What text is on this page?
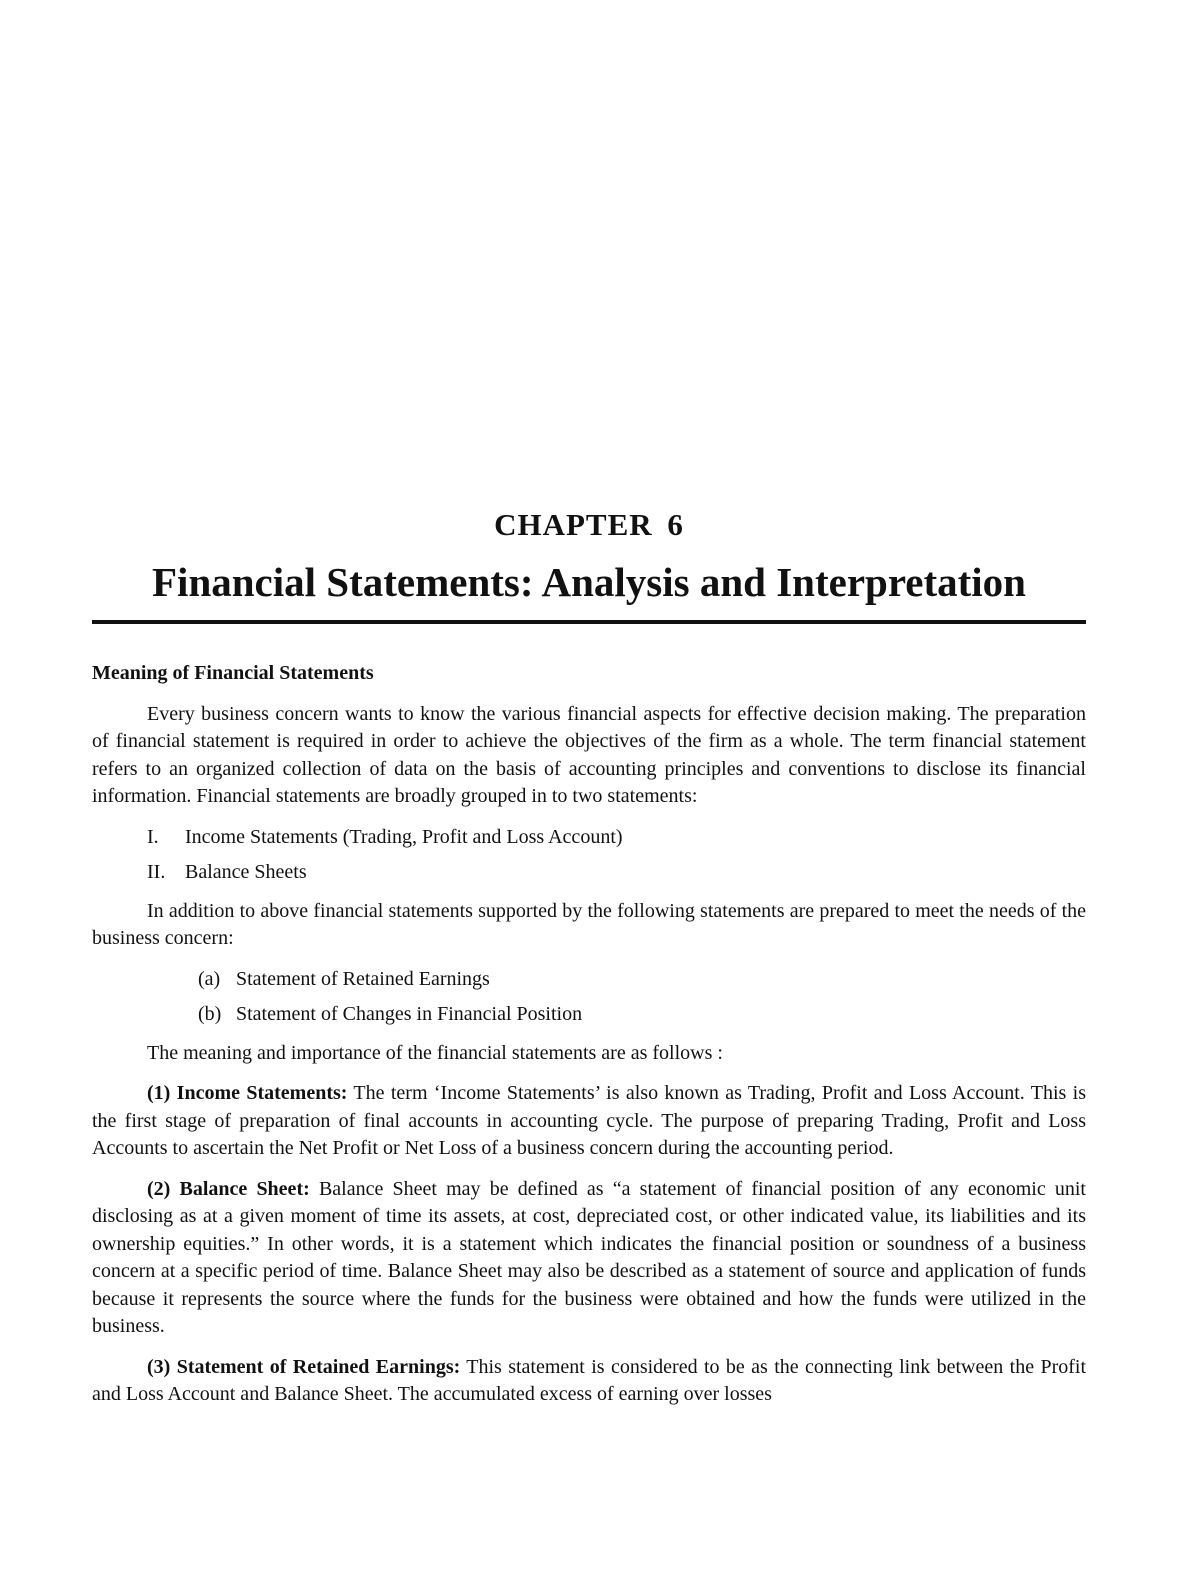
CHAPTER 6
Financial Statements: Analysis and Interpretation
Meaning of Financial Statements

Every business concern wants to know the various financial aspects for effective decision making. The preparation of financial statement is required in order to achieve the objectives of the firm as a whole. The term financial statement refers to an organized collection of data on the basis of accounting principles and conventions to disclose its financial information. Financial statements are broadly grouped in to two statements:

I.	Income Statements (Trading, Profit and Loss Account)
II. Balance Sheets

In addition to above financial statements supported by the following statements are prepared to meet the needs of the business concern:

(a) Statement of Retained Earnings
(b) Statement of Changes in Financial Position

The meaning and importance of the financial statements are as follows :

(1) Income Statements: The term ‘Income Statements’ is also known as Trading, Profit and Loss Account. This is the first stage of preparation of final accounts in accounting cycle. The purpose of preparing Trading, Profit and Loss Accounts to ascertain the Net Profit or Net Loss of a business concern during the accounting period.

(2) Balance Sheet: Balance Sheet may be defined as “a statement of financial position of any economic unit disclosing as at a given moment of time its assets, at cost, depreciated cost, or other indicated value, its liabilities and its ownership equities.” In other words, it is a statement which indicates the financial position or soundness of a business concern at a specific period of time. Balance Sheet may also be described as a statement of source and application of funds because it represents the source where the funds for the business were obtained and how the funds were utilized in the business.

(3) Statement of Retained Earnings: This statement is considered to be as the connecting link between the Profit and Loss Account and Balance Sheet. The accumulated excess of earning over losses
